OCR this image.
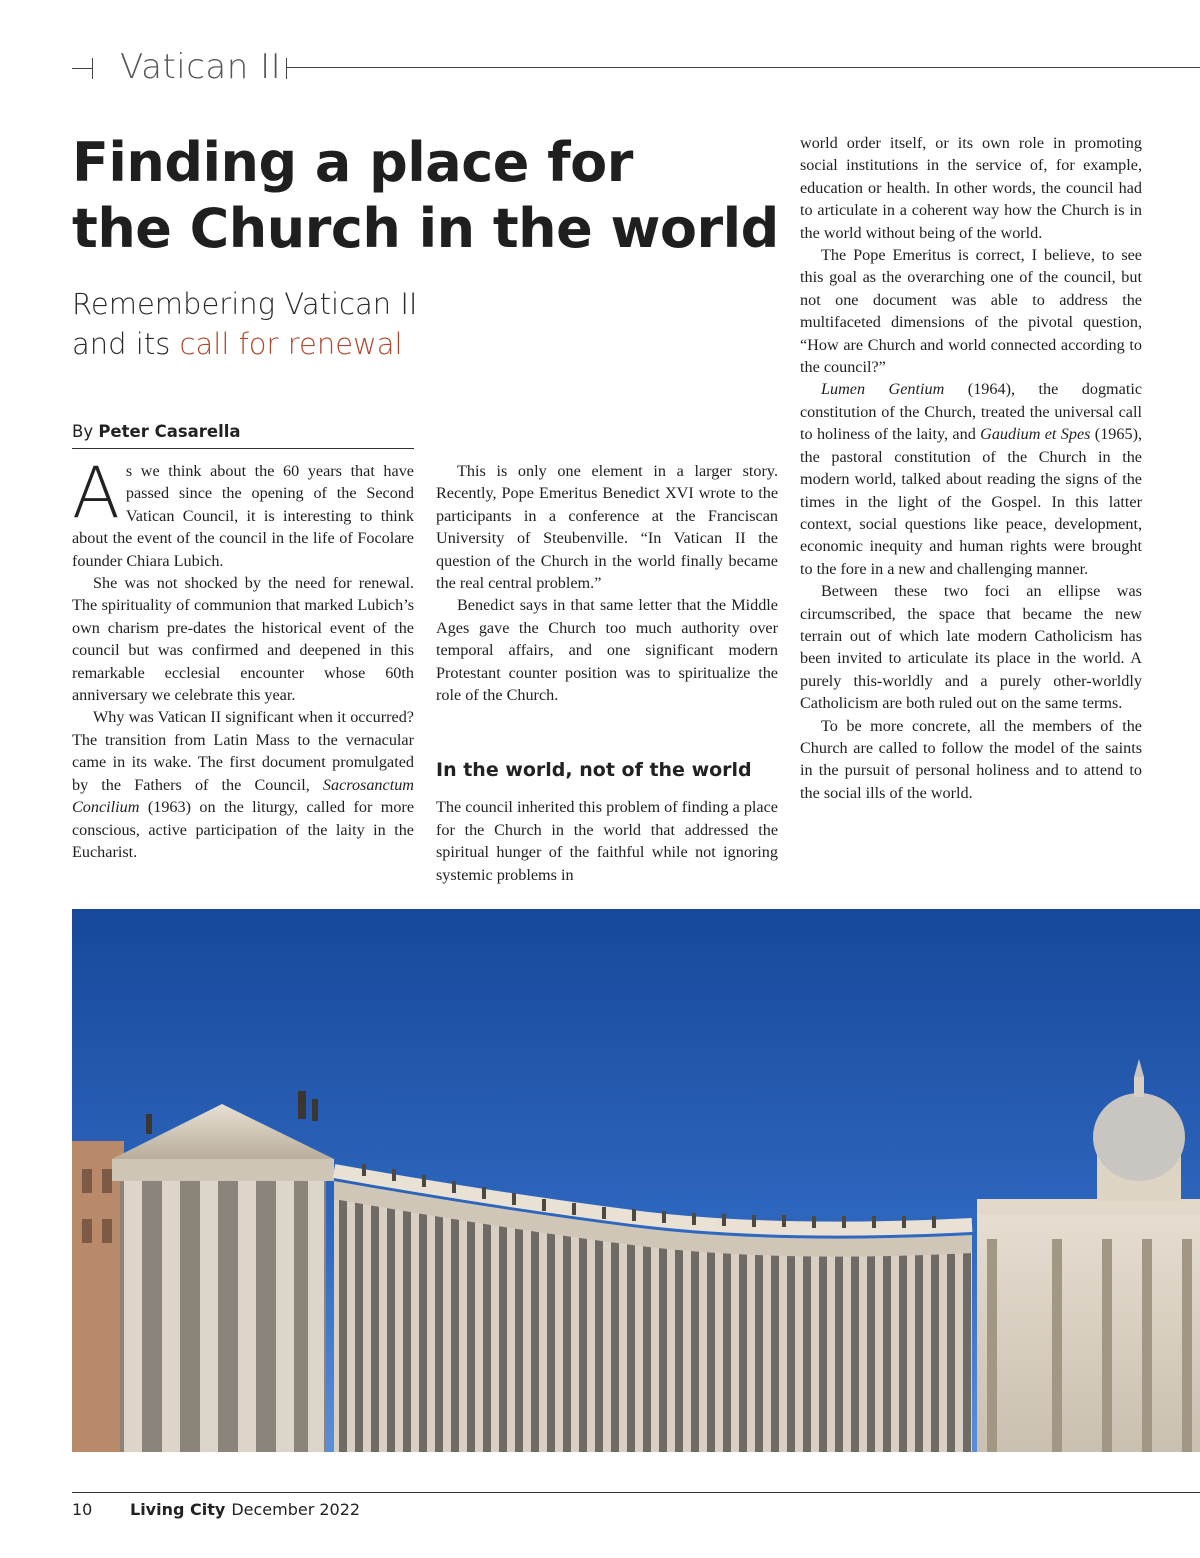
Vatican II
Finding a place for
the Church in the world
Remembering Vatican II
and its call for renewal
By Peter Casarella

As we think about the 60 years that have passed since the opening of the Second Vatican Council, it is interesting to think about the event of the council in the life of Focolare founder Chiara Lubich.

She was not shocked by the need for renewal. The spirituality of communion that marked Lubich’s own charism pre-dates the historical event of the council but was confirmed and deepened in this remarkable ecclesial encounter whose 60th anniversary we celebrate this year.

Why was Vatican II significant when it occurred? The transition from Latin Mass to the vernacular came in its wake. The first document promulgated by the Fathers of the Council, Sacrosanctum Concilium (1963) on the liturgy, called for more conscious, active participation of the laity in the Eucharist.

This is only one element in a larger story. Recently, Pope Emeritus Benedict XVI wrote to the participants in a conference at the Franciscan University of Steubenville. “In Vatican II the question of the Church in the world finally became the real central problem.”

Benedict says in that same letter that the Middle Ages gave the Church too much authority over temporal affairs, and one significant modern Protestant counter position was to spiritualize the role of the Church.

In the world, not of the world

The council inherited this problem of finding a place for the Church in the world that addressed the spiritual hunger of the faithful while not ignoring systemic problems in

world order itself, or its own role in promoting social institutions in the service of, for example, education or health. In other words, the council had to articulate in a coherent way how the Church is in the world without being of the world.

The Pope Emeritus is correct, I believe, to see this goal as the overarching one of the council, but not one document was able to address the multifaceted dimensions of the pivotal question, “How are Church and world connected according to the council?”

Lumen Gentium (1964), the dogmatic constitution of the Church, treated the universal call to holiness of the laity, and Gaudium et Spes (1965), the pastoral constitution of the Church in the modern world, talked about reading the signs of the times in the light of the Gospel. In this latter context, social questions like peace, development, economic inequity and human rights were brought to the fore in a new and challenging manner.

Between these two foci an ellipse was circumscribed, the space that became the new terrain out of which late modern Catholicism has been invited to articulate its place in the world. A purely this-worldly and a purely other-worldly Catholicism are both ruled out on the same terms.

To be more concrete, all the members of the Church are called to follow the model of the saints in the pursuit of personal holiness and to attend to the social ills of the world.

10 Living City December 2022
